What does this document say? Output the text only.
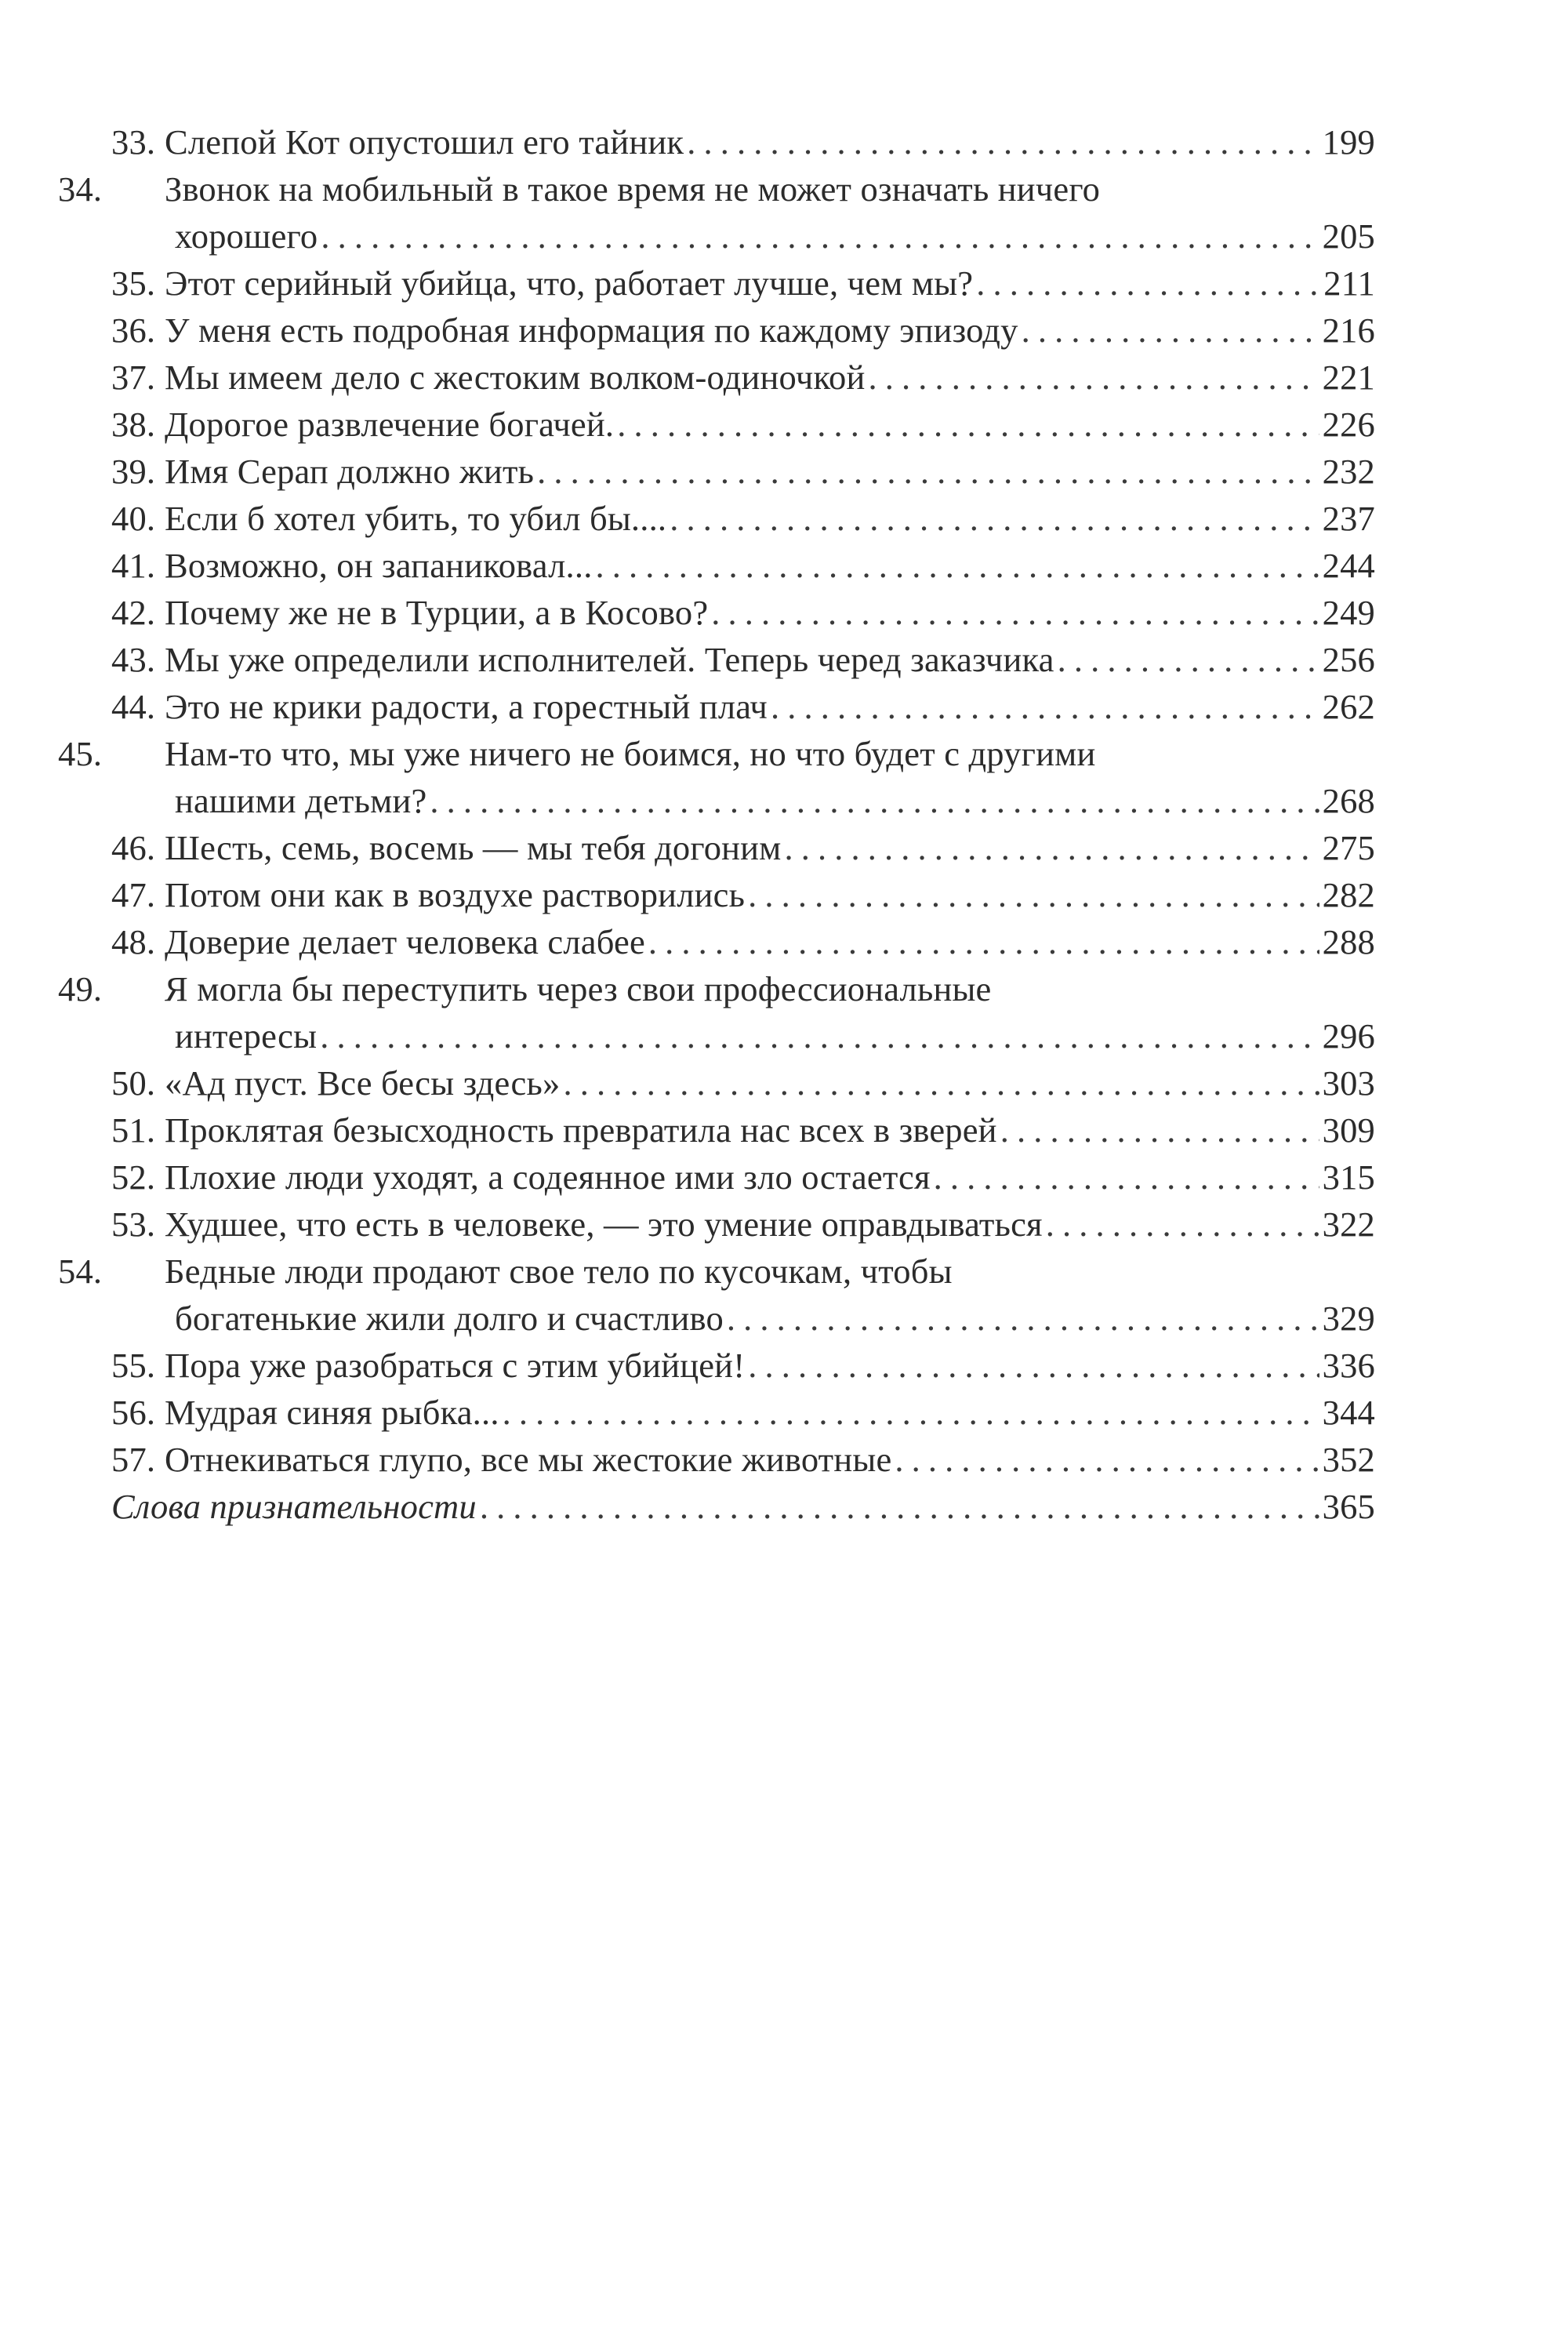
33. Слепой Кот опустошил его тайник . . .	199
34. Звонок на мобильный в такое время не может означать ничего
хорошего . . .	205
35. Этот серийный убийца, что, работает лучше, чем мы? . . .	211
36. У меня есть подробная информация по каждому эпизоду . . .	216
37. Мы имеем дело с жестоким волком-одиночкой . . .	221
38. Дорогое развлечение богачей. . . .	226
39. Имя Серап должно жить . . .	232
40. Если б хотел убить, то убил бы.... . . .	237
41. Возможно, он запаниковал... . . .	244
42. Почему же не в Турции, а в Косово? . . .	249
43. Мы уже определили исполнителей. Теперь черед заказчика . . .	256
44. Это не крики радости, а горестный плач . . .	262
45. Нам-то что, мы уже ничего не боимся, но что будет с другими
нашими детьми? . . .	268
46. Шесть, семь, восемь — мы тебя догоним . . .	275
47. Потом они как в воздухе растворились . . .	282
48. Доверие делает человека слабее . . .	288
49. Я могла бы переступить через свои профессиональные
интересы . . .	296
50. «Ад пуст. Все бесы здесь» . . .	303
51. Проклятая безысходность превратила нас всех в зверей . . .	309
52. Плохие люди уходят, а содеянное ими зло остается . . .	315
53. Худшее, что есть в человеке, — это умение оправдываться . . .	322
54. Бедные люди продают свое тело по кусочкам, чтобы
богатенькие жили долго и счастливо . . .	329
55. Пора уже разобраться с этим убийцей! . . .	336
56. Мудрая синяя рыбка... . . .	344
57. Отнекиваться глупо, все мы жестокие животные . . .	352
Слова признательности . . .	365
